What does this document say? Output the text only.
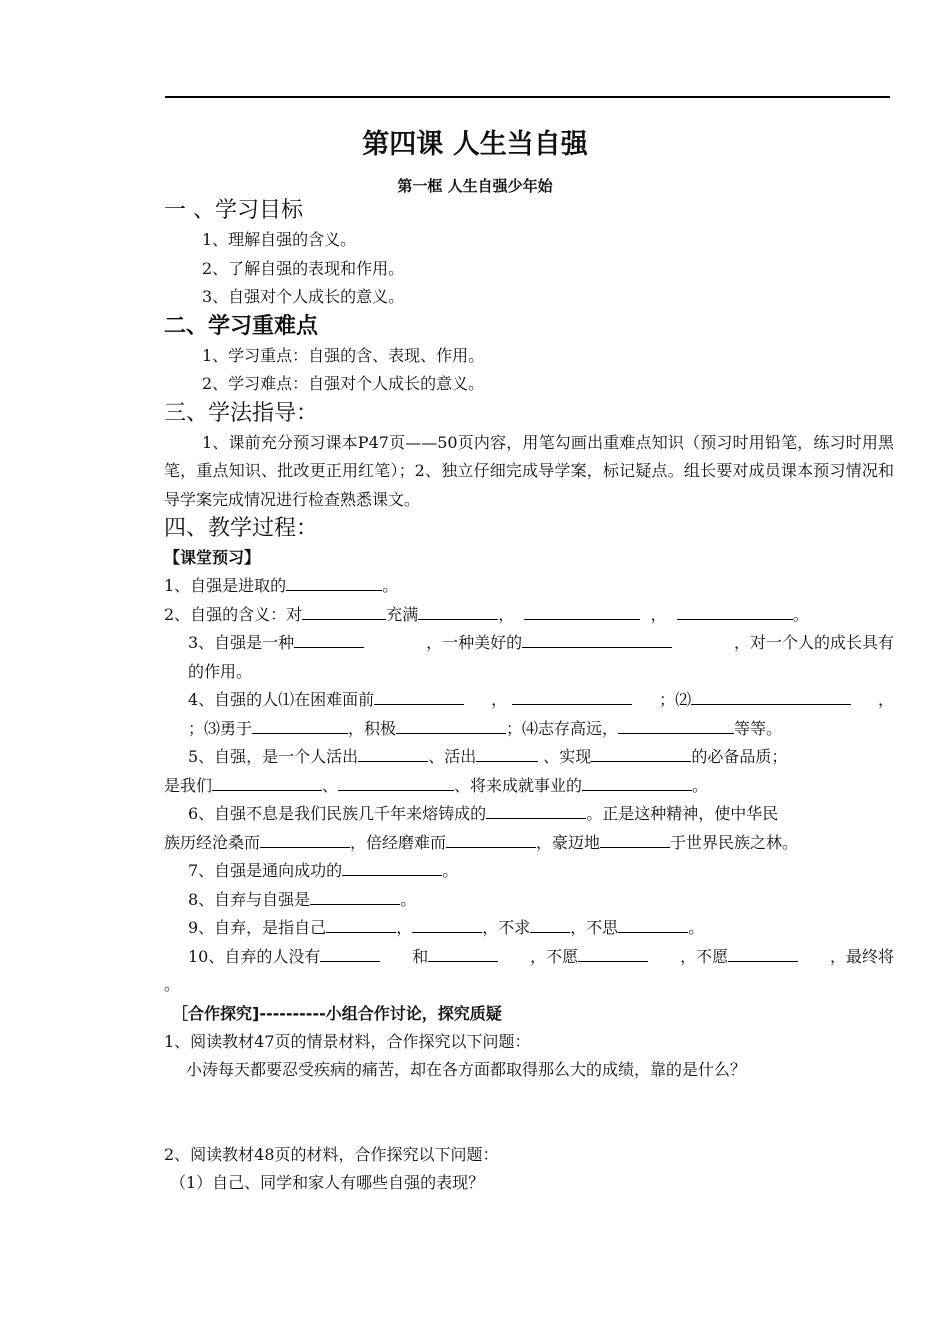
第四课 人生当自强
第一框 人生自强少年始

一 、学习目标

1、理解自强的含义。

2、了解自强的表现和作用。

3、自强对个人成长的意义。

二、学习重难点

1、学习重点：自强的含、表现、作用。

2、学习难点：自强对个人成长的意义。

三、学法指导：

1、课前充分预习课本P47页——50页内容，用笔勾画出重难点知识（预习时用铅笔，练习时用黑笔，重点知识、批改更正用红笔）；2、独立仔细完成导学案，标记疑点。组长要对成员课本预习情况和导学案完成情况进行检查熟悉课文。

四、教学过程：

【课堂预习】

1、自强是进取的	。

2、自强的含义：对	充满	，	，	。

3、自强是一种	，一种美好的	，对一个人的成长具有

的作用。

4、自强的人⑴在困难面前	，	；⑵	，

；⑶勇于	，积极	；⑷志存高远，	等等。

5、自强，是一个人活出	、活出	、实现	的必备品质；

是我们	、	、将来成就事业的	。

6、自强不息是我们民族几千年来熔铸成的	。正是这种精神，使中华民

族历经沧桑而	，倍经磨难而	，豪迈地	于世界民族之林。

7、自强是通向成功的	。

8、自弃与自强是	。

9、自弃，是指自己	，	，不求	，不思	。

10、自弃的人没有	和	，不愿	，不愿	，最终将

。

［合作探究]----------小组合作讨论，探究质疑

1、阅读教材47页的情景材料，合作探究以下问题：

小涛每天都要忍受疾病的痛苦，却在各方面都取得那么大的成绩，靠的是什么？

2、阅读教材48页的材料，合作探究以下问题：

（1）自己、同学和家人有哪些自强的表现？
